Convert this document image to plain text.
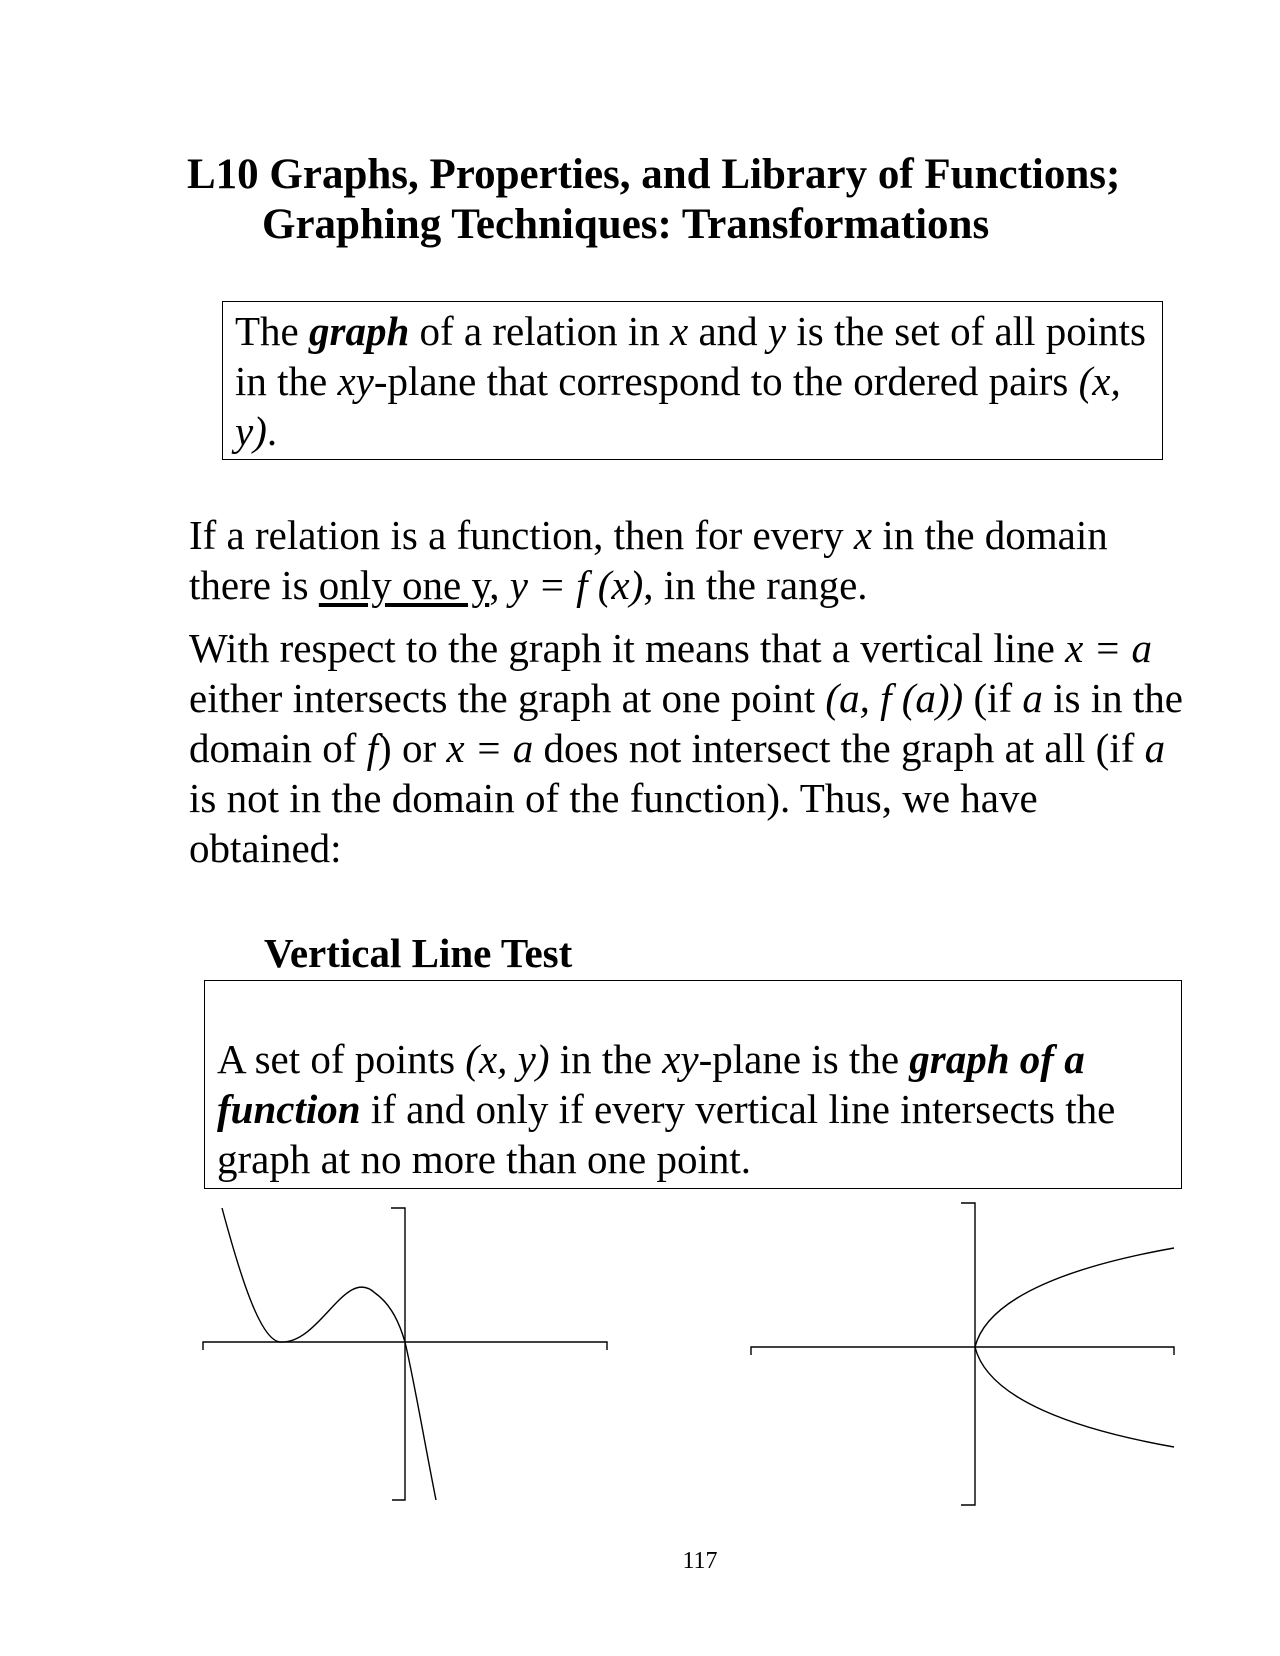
L10 Graphs, Properties, and Library of Functions;
Graphing Techniques: Transformations
The graph of a relation in x and y is the set of all points in the xy-plane that correspond to the ordered pairs (x, y).

If a relation is a function, then for every x in the domain there is only one y, y = f (x), in the range.

With respect to the graph it means that a vertical line x = a either intersects the graph at one point (a, f (a)) (if a is in the domain of f) or x = a does not intersect the graph at all (if a is not in the domain of the function). Thus, we have obtained:

Vertical Line Test
A set of points (x, y) in the xy-plane is the graph of a function if and only if every vertical line intersects the graph at no more than one point.
117
